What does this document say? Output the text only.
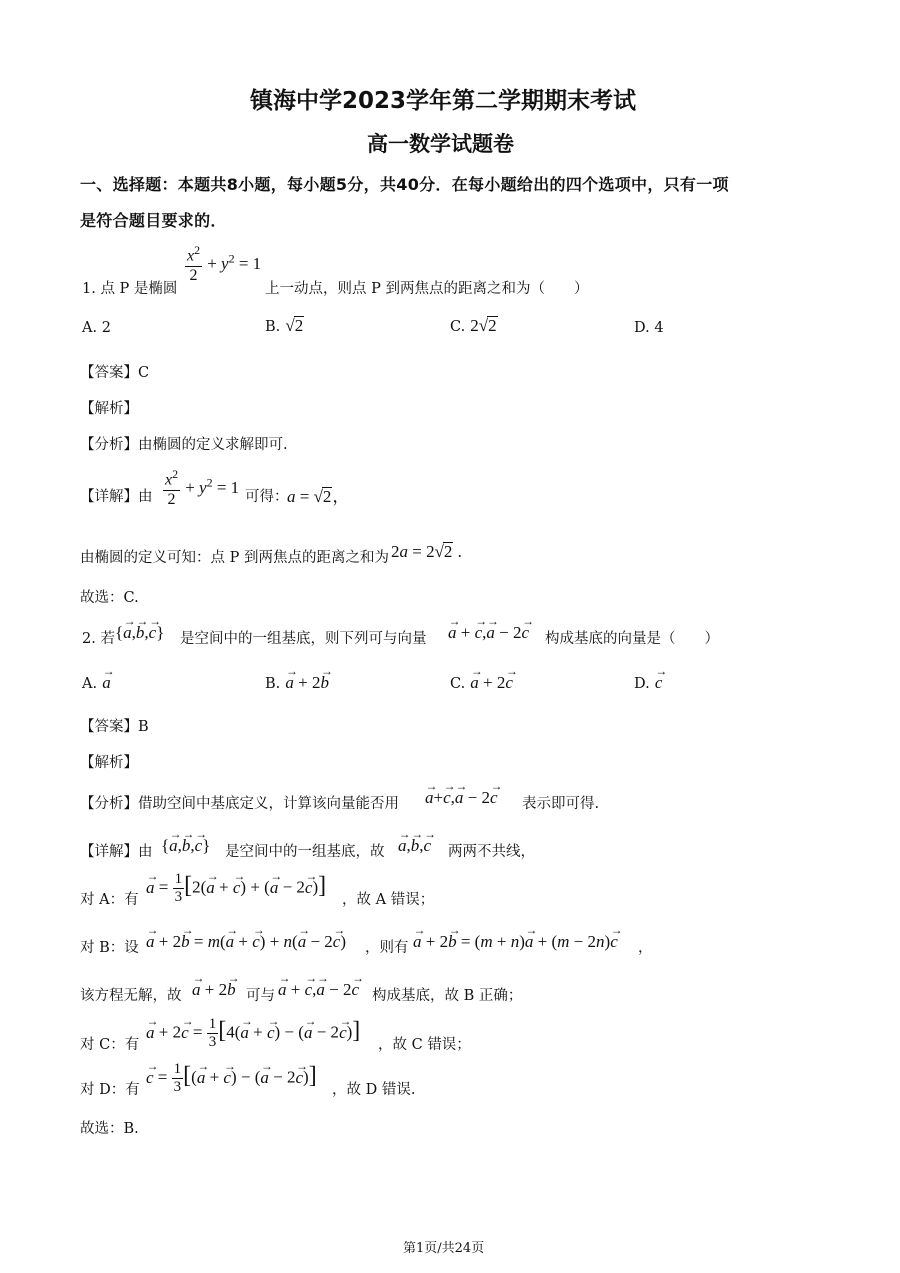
镇海中学2023学年第二学期期末考试
高一数学试题卷
一、选择题：本题共8小题，每小题5分，共40分．在每小题给出的四个选项中，只有一项
是符合题目要求的．
1. 点 P 是椭圆
$\frac{x^2}{2} + y^2 = 1$
上一动点，则点 P 到两焦点的距离之和为（　　）
A. 2	B. √2	C. 2√2	D. 4
【答案】C
【解析】
【分析】由椭圆的定义求解即可.
【详解】由 $\frac{x^2}{2} + y^2 = 1$ 可得：
a = √2，
由椭圆的定义可知：点 P 到两焦点的距离之和为 2a = 2√2 .
故选：C.
2. 若 {→ a,→ b,→ c} 是空间中的一组基底，则下列可与向量 → a + → c,→ a − 2→ c 构成基底的向量是（　　）
A. → a	B. → a + 2→ b	C. → a + 2→ c	D. → c
【答案】B
【解析】
【分析】借助空间中基底定义，计算该向量能否用 → a+→ c,→ a − 2→ c 表示即可得.
【详解】由 {→ a,→ b,→ c} 是空间中的一组基底，故 → a,→ b,→ c 两两不共线，
对 A：有
→ $a = \frac{1}{3} [2(\to a$ + → c) + (→ a − 2→ c)]
，故 A 错误；
对 B：设 → a + 2→ b = m(→ a + → c) + n(→ a − 2→ c) ，则有 → a + 2→ b = (m + n)→ a + (m − 2n)→ c ，
该方程无解，故 → a + 2→ b 可与 → a + → c,→ a − 2→ c 构成基底，故 B 正确；
对 C：有
→ $a + 2\to c = \frac{1}{3} [4(\to a$ + → c) − (→ a − 2→ c)]
，故 C 错误；
对 D：有
→ $c = \frac{1}{3}$ [(→ a + → c) − (→ a − 2→ c)]
，故 D 错误.
故选：B.
第1页/共24页
